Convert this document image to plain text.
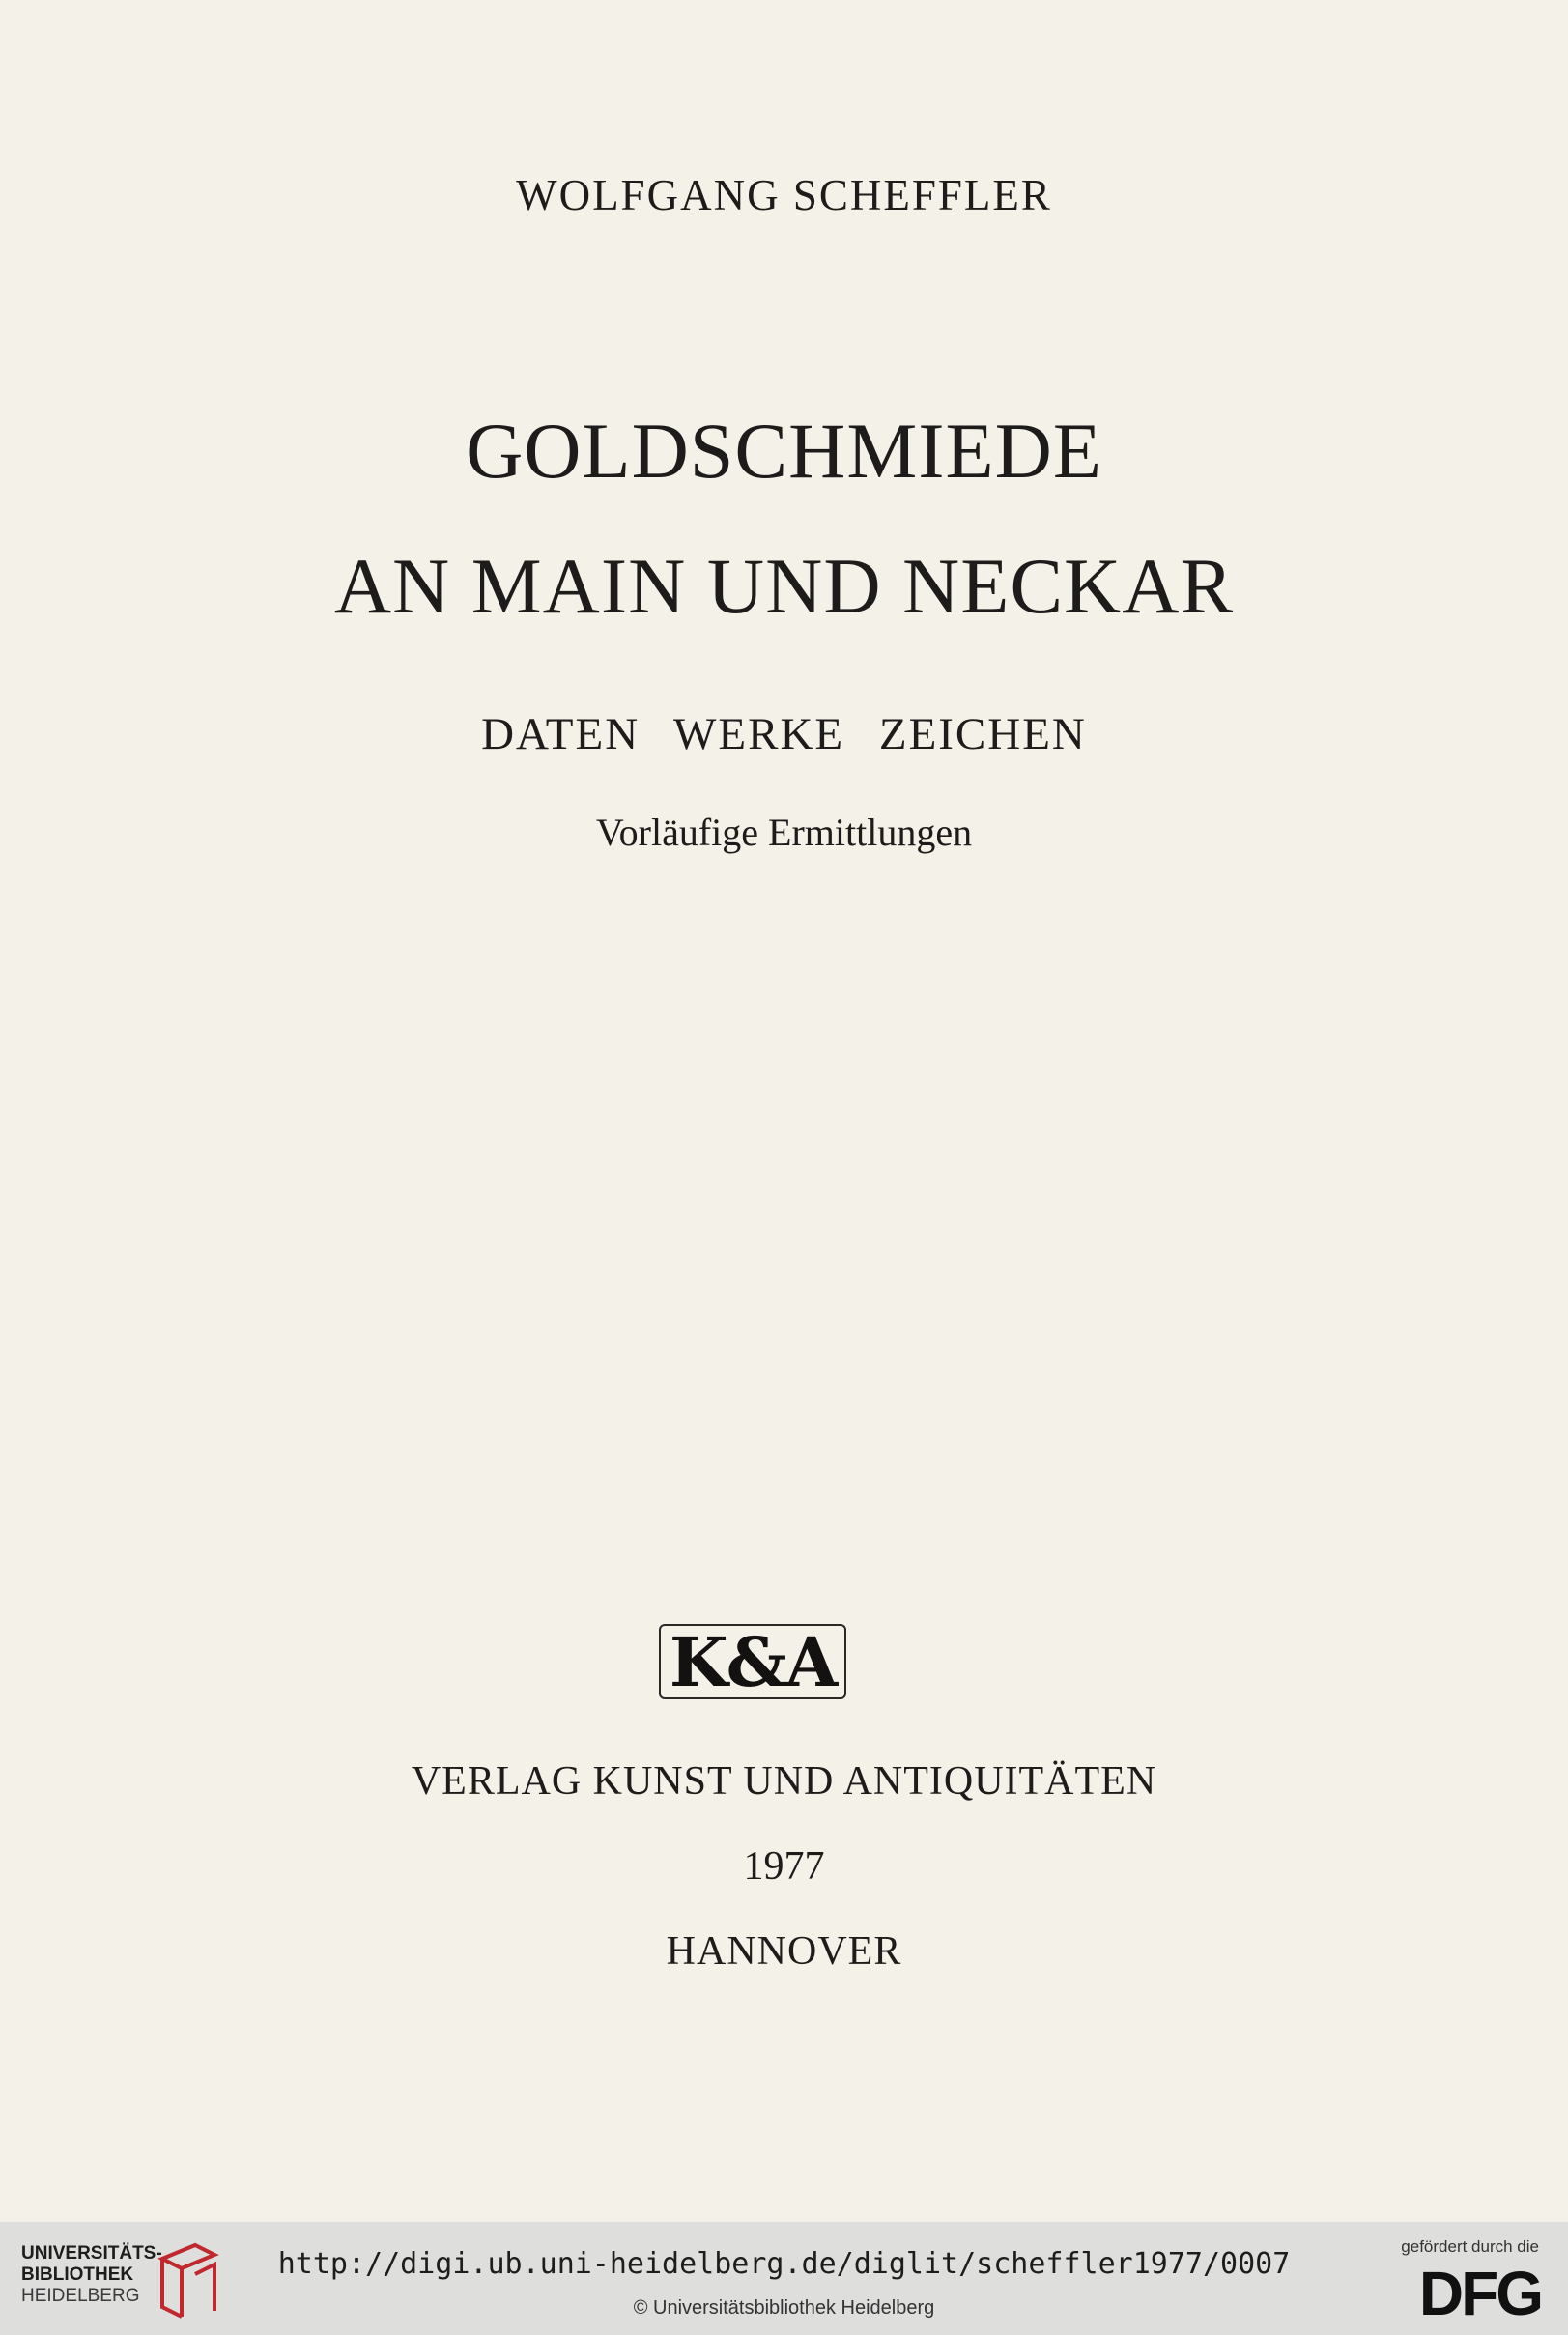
WOLFGANG SCHEFFLER
GOLDSCHMIEDE
AN MAIN UND NECKAR
DATEN WERKE ZEICHEN
Vorläufige Ermittlungen
K&A
VERLAG KUNST UND ANTIQUITÄTEN
1977
HANNOVER
UNIVERSITÄTS-
BIBLIOTHEK
HEIDELBERG
http://digi.ub.uni-heidelberg.de/diglit/scheffler1977/0007
© Universitätsbibliothek Heidelberg
gefördert durch die
DFG
